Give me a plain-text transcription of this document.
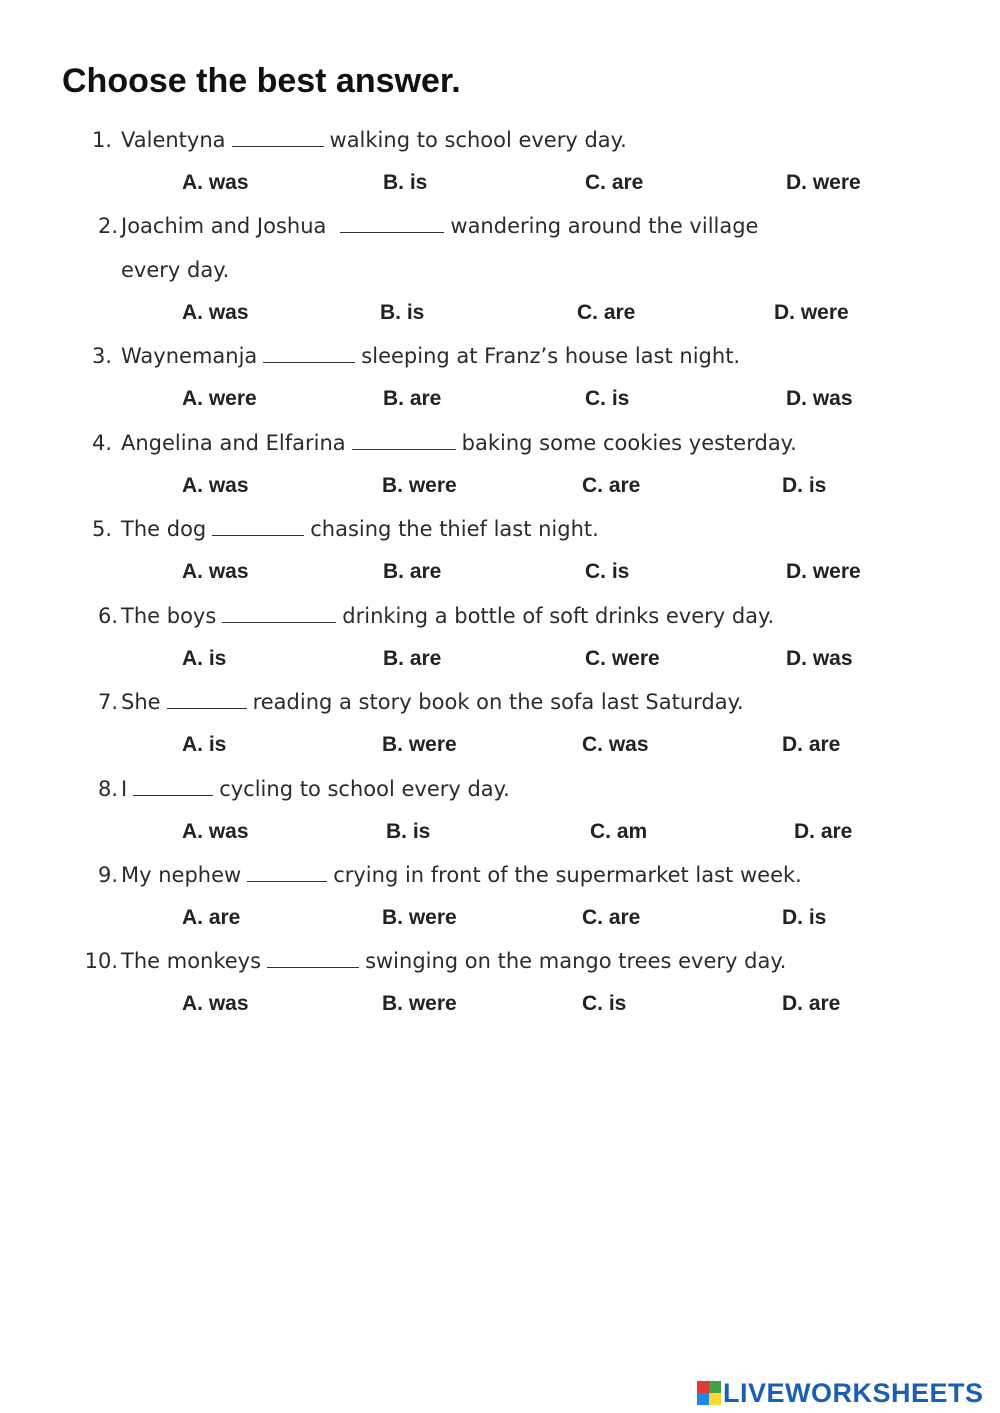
Choose the best answer.
1. Valentyna	walking to school every day.
A. was	B. is	C. are	D. were
2. Joachim and Joshua	wandering around the village
every day.
A. was	B. is	C. are	D. were
3. Waynemanja	sleeping at Franz’s house last night.
A. were	B. are	C. is	D. was
4. Angelina and Elfarina	baking some cookies yesterday.
A. was	B. were	C. are	D. is
5. The dog	chasing the thief last night.
A. was	B. are	C. is	D. were
6. The boys	drinking a bottle of soft drinks every day.
A. is	B. are	C. were	D. was
7. She	reading a story book on the sofa last Saturday.
A. is	B. were	C. was	D. are
8. I	cycling to school every day.
A. was	B. is	C. am	D. are
9. My nephew	crying in front of the supermarket last week.
A. are	B. were	C. are	D. is
10. The monkeys	swinging on the mango trees every day.
A. was	B. were	C. is	D. are
LIVEWORKSHEETS
